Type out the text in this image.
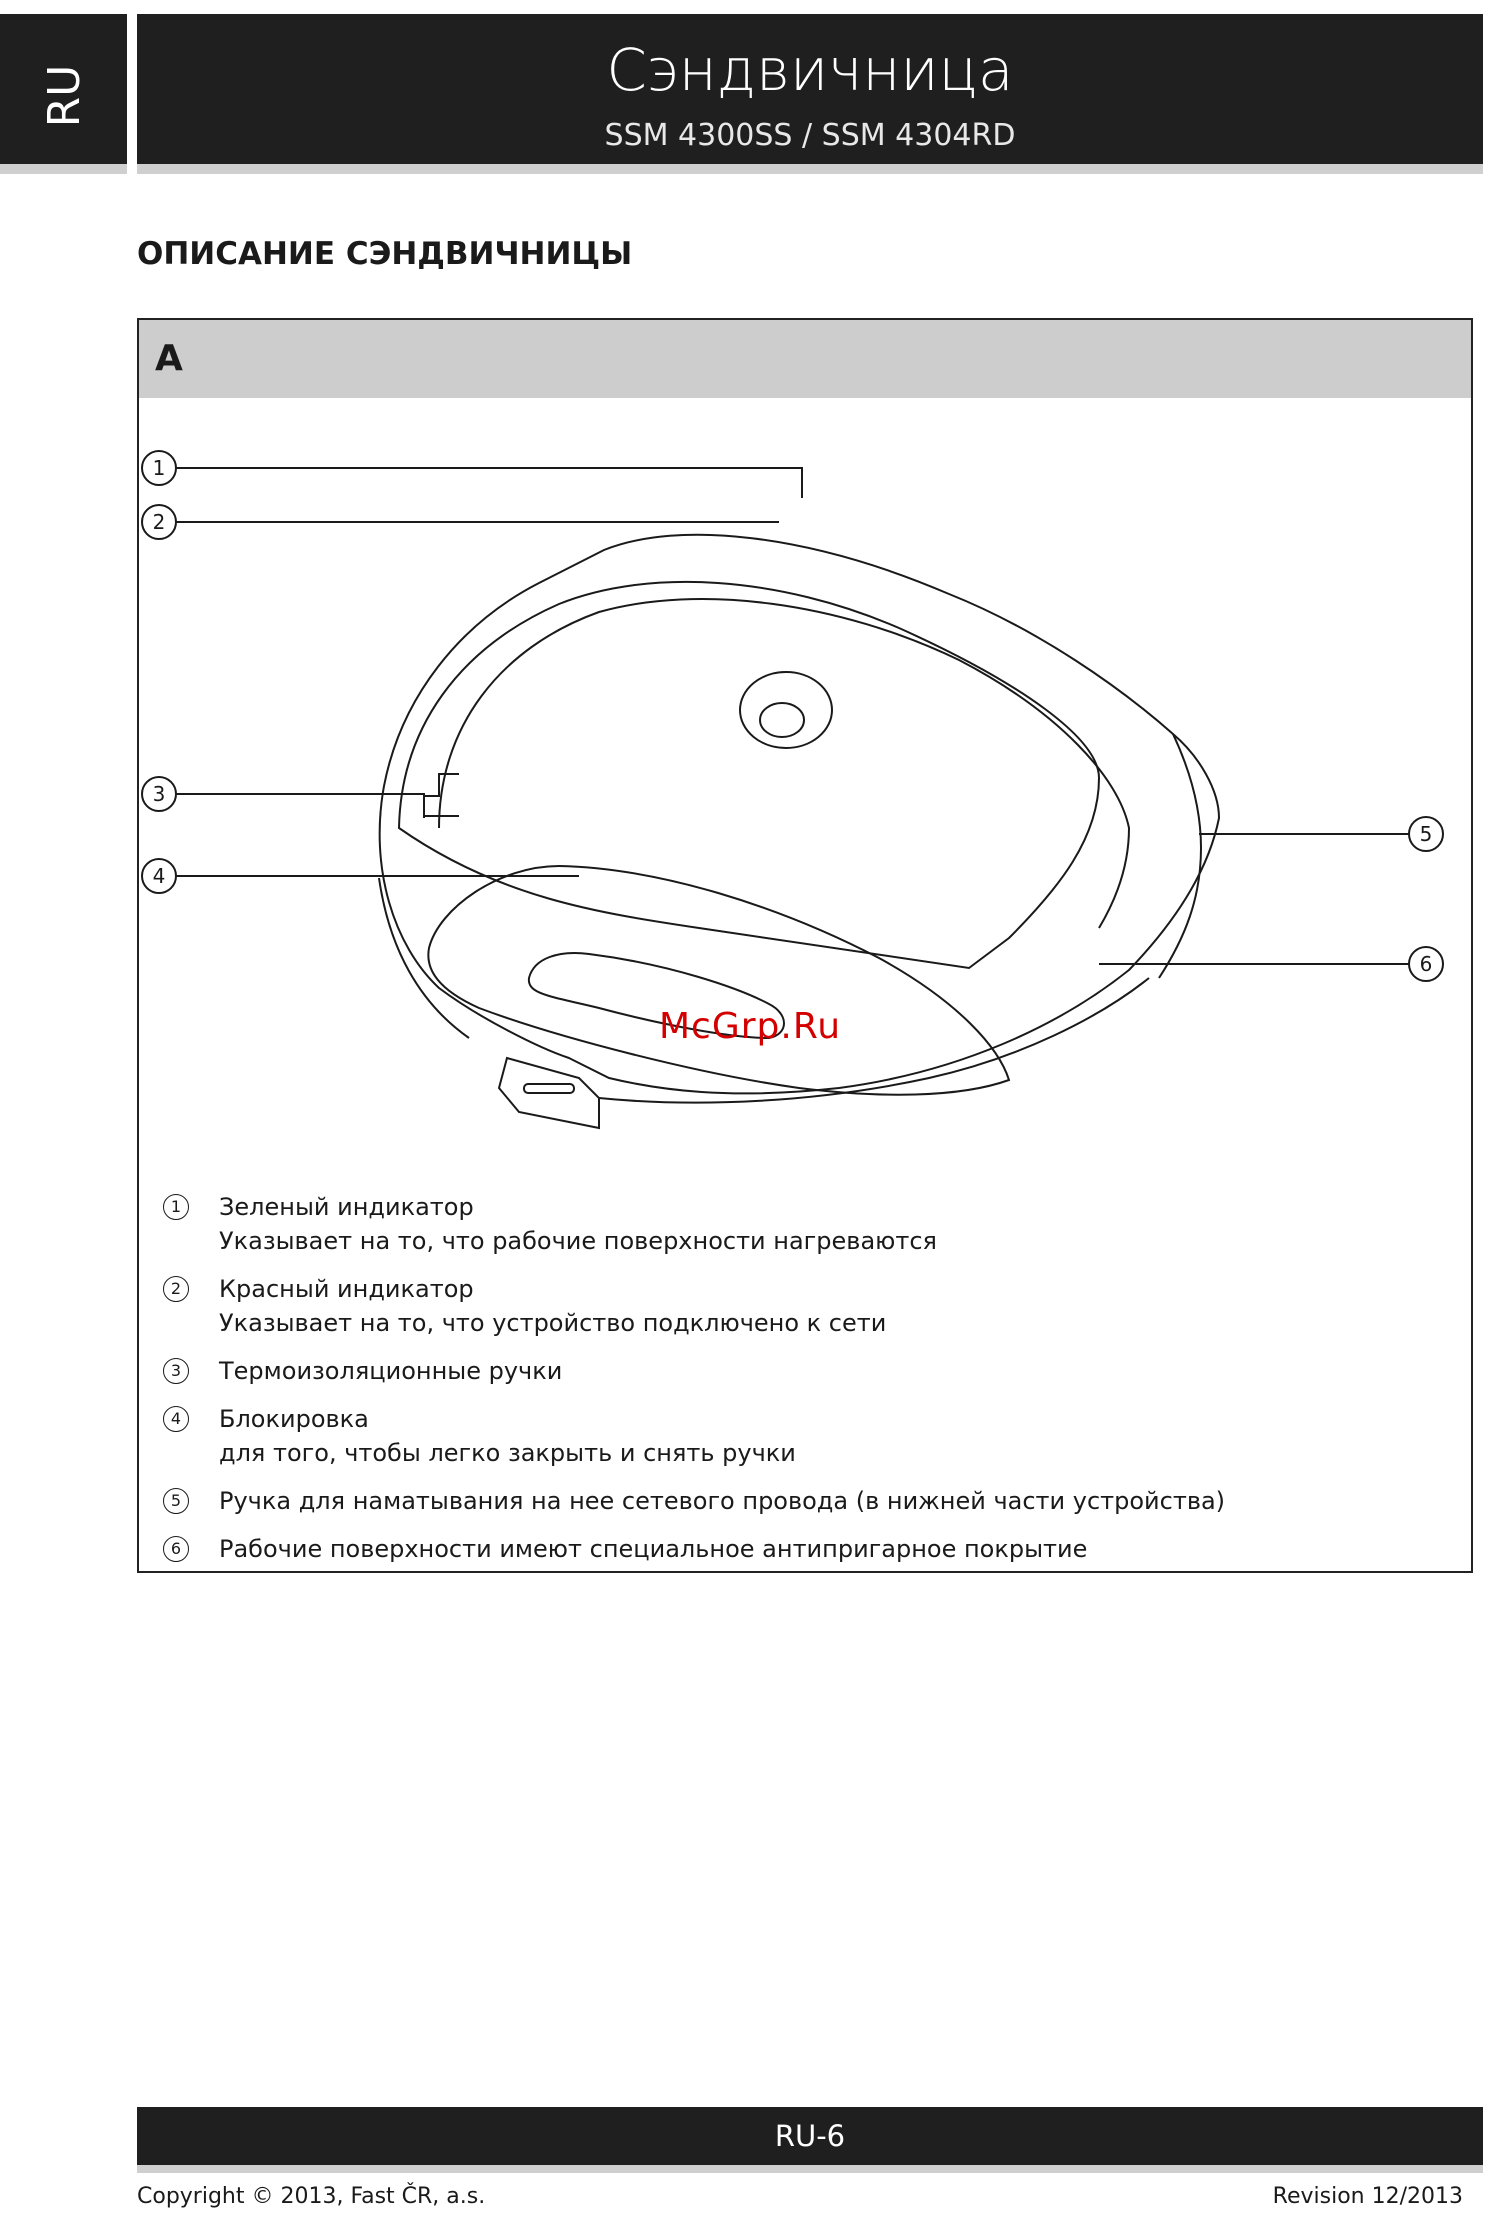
RU	Сэндвичница
SSM 4300SS / SSM 4304RD
ОПИСАНИЕ СЭНДВИЧНИЦЫ
A
1
2
3
4
5
6
McGrp.Ru
1	Зеленый индикатор
Указывает на то, что рабочие поверхности нагреваются
2	Красный индикатор
Указывает на то, что устройство подключено к сети
3	Термоизоляционные ручки
4	Блокировка
для того, чтобы легко закрыть и снять ручки
5	Ручка для наматывания на нее сетевого провода (в нижней части устройства)
6	Рабочие поверхности имеют специальное антипригарное покрытие
RU-6
Copyright © 2013, Fast ČR, a.s.	Revision 12/2013
